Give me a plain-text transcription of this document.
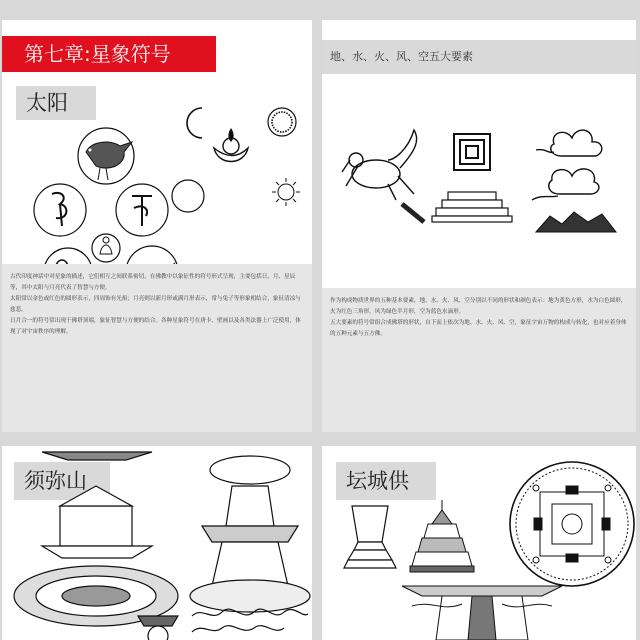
第七章:星象符号
太阳

古代印度神话中对星象的描述，它们相互之间联系密切，在佛教中以象征性的符号形式呈现，主要包括日、月、星辰等，其中太阳与月亮代表了智慧与方便。

太阳常以金色或红色的圆形表示，四周饰有光焰；月亮则以新月形或满月形表示，常与兔子等形象相结合，象征清凉与慈悲。

日月合一的符号常出现于佛塔顶端，象征智慧与方便的结合。各种星象符号在唐卡、壁画以及各类法器上广泛使用，体现了对宇宙秩序的理解。

地、水、火、风、空五大要素

作为构成物质世界的五种基本要素，地、水、火、风、空分别以不同的形状和颜色表示：地为黄色方形，水为白色圆形，火为红色三角形，风为绿色半月形，空为蓝色水滴形。

五大要素的符号常组合成佛塔的形状，自下而上依次为地、水、火、风、空，象征宇宙万物的构成与转化，也对应着身体的五种元素与五方佛。

须弥山	坛城供
